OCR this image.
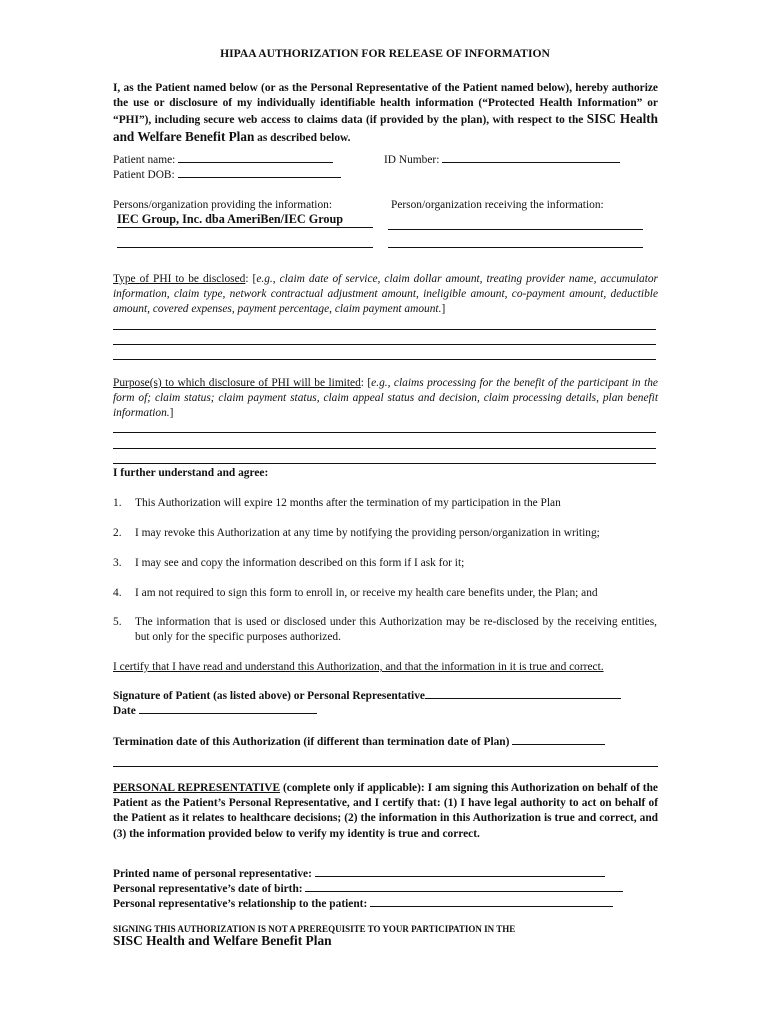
HIPAA AUTHORIZATION FOR RELEASE OF INFORMATION
I, as the Patient named below (or as the Personal Representative of the Patient named below), hereby authorize the use or disclosure of my individually identifiable health information (“Protected Health Information” or “PHI”), including secure web access to claims data (if provided by the plan), with respect to the SISC Health and Welfare Benefit Plan as described below.
Patient name:	ID Number:
Patient DOB:
Persons/organization providing the information:	Person/organization receiving the information:
IEC Group, Inc. dba AmeriBen/IEC Group
Type of PHI to be disclosed: [e.g., claim date of service, claim dollar amount, treating provider name, accumulator information, claim type, network contractual adjustment amount, ineligible amount, co-payment amount, deductible amount, covered expenses, payment percentage, claim payment amount.]
Purpose(s) to which disclosure of PHI will be limited: [e.g., claims processing for the benefit of the participant in the form of; claim status; claim payment status, claim appeal status and decision, claim processing details, plan benefit information.]
I further understand and agree:
1. This Authorization will expire 12 months after the termination of my participation in the Plan
2. I may revoke this Authorization at any time by notifying the providing person/organization in writing;
3. I may see and copy the information described on this form if I ask for it;
4. I am not required to sign this form to enroll in, or receive my health care benefits under, the Plan; and
5. The information that is used or disclosed under this Authorization may be re-disclosed by the receiving entities, but only for the specific purposes authorized.
I certify that I have read and understand this Authorization, and that the information in it is true and correct.
Signature of Patient (as listed above) or Personal Representative
Date
Termination date of this Authorization (if different than termination date of Plan)
PERSONAL REPRESENTATIVE (complete only if applicable): I am signing this Authorization on behalf of the Patient as the Patient’s Personal Representative, and I certify that: (1) I have legal authority to act on behalf of the Patient as it relates to healthcare decisions; (2) the information in this Authorization is true and correct, and (3) the information provided below to verify my identity is true and correct.
Printed name of personal representative:
Personal representative’s date of birth:
Personal representative’s relationship to the patient:
SIGNING THIS AUTHORIZATION IS NOT A PREREQUISITE TO YOUR PARTICIPATION IN THE
SISC Health and Welfare Benefit Plan
